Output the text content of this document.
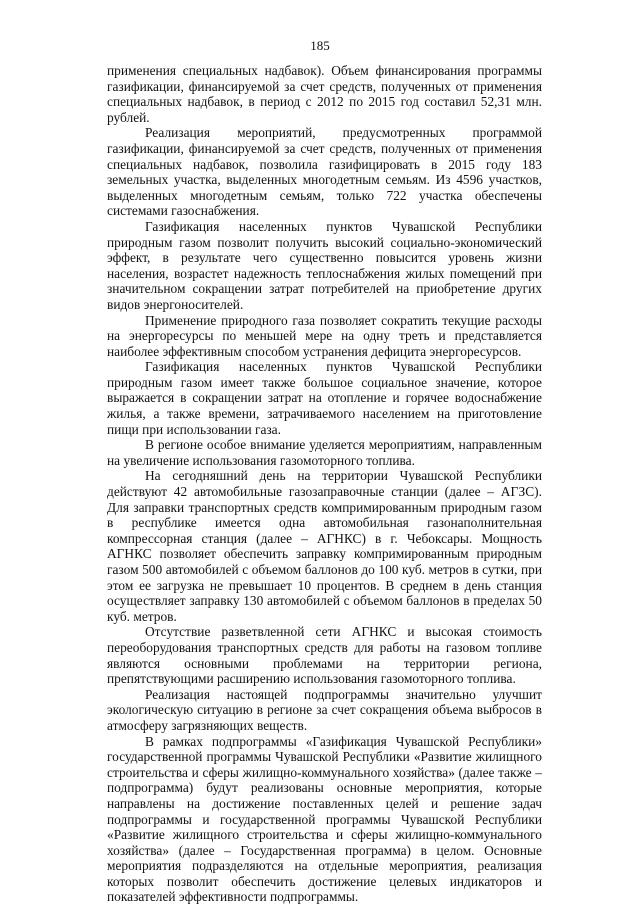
185

применения специальных надбавок). Объем финансирования программы газификации, финансируемой за счет средств, полученных от применения специальных надбавок, в период с 2012 по 2015 год составил 52,31 млн. рублей.

Реализация мероприятий, предусмотренных программой газификации, финансируемой за счет средств, полученных от применения специальных надбавок, позволила газифицировать в 2015 году 183 земельных участка, выделенных многодетным семьям. Из 4596 участков, выделенных многодетным семьям, только 722 участка обеспечены системами газоснабжения.

Газификация населенных пунктов Чувашской Республики природным газом позволит получить высокий социально-экономический эффект, в результате чего существенно повысится уровень жизни населения, возрастет надежность теплоснабжения жилых помещений при значительном сокращении затрат потребителей на приобретение других видов энергоносителей.

Применение природного газа позволяет сократить текущие расходы на энергоресурсы по меньшей мере на одну треть и представляется наиболее эффективным способом устранения дефицита энергоресурсов.

Газификация населенных пунктов Чувашской Республики природным газом имеет также большое социальное значение, которое выражается в сокращении затрат на отопление и горячее водоснабжение жилья, а также времени, затрачиваемого населением на приготовление пищи при использовании газа.

В регионе особое внимание уделяется мероприятиям, направленным на увеличение использования газомоторного топлива.

На сегодняшний день на территории Чувашской Республики действуют 42 автомобильные газозаправочные станции (далее – АГЗС). Для заправки транспортных средств компримированным природным газом в республике имеется одна автомобильная газонаполнительная компрессорная станция (далее – АГНКС) в г. Чебоксары. Мощность АГНКС позволяет обеспечить заправку компримированным природным газом 500 автомобилей с объемом баллонов до 100 куб. метров в сутки, при этом ее загрузка не превышает 10 процентов. В среднем в день станция осуществляет заправку 130 автомобилей с объемом баллонов в пределах 50 куб. метров.

Отсутствие разветвленной сети АГНКС и высокая стоимость переоборудования транспортных средств для работы на газовом топливе являются основными проблемами на территории региона, препятствующими расширению использования газомоторного топлива.

Реализация настоящей подпрограммы значительно улучшит экологическую ситуацию в регионе за счет сокращения объема выбросов в атмосферу загрязняющих веществ.

В рамках подпрограммы «Газификация Чувашской Республики» государственной программы Чувашской Республики «Развитие жилищного строительства и сферы жилищно-коммунального хозяйства» (далее также – подпрограмма) будут реализованы основные мероприятия, которые направлены на достижение поставленных целей и решение задач подпрограммы и государственной программы Чувашской Республики «Развитие жилищного строительства и сферы жилищно-коммунального хозяйства» (далее – Государственная программа) в целом. Основные мероприятия подразделяются на отдельные мероприятия, реализация которых позволит обеспечить достижение целевых индикаторов и показателей эффективности подпрограммы.
